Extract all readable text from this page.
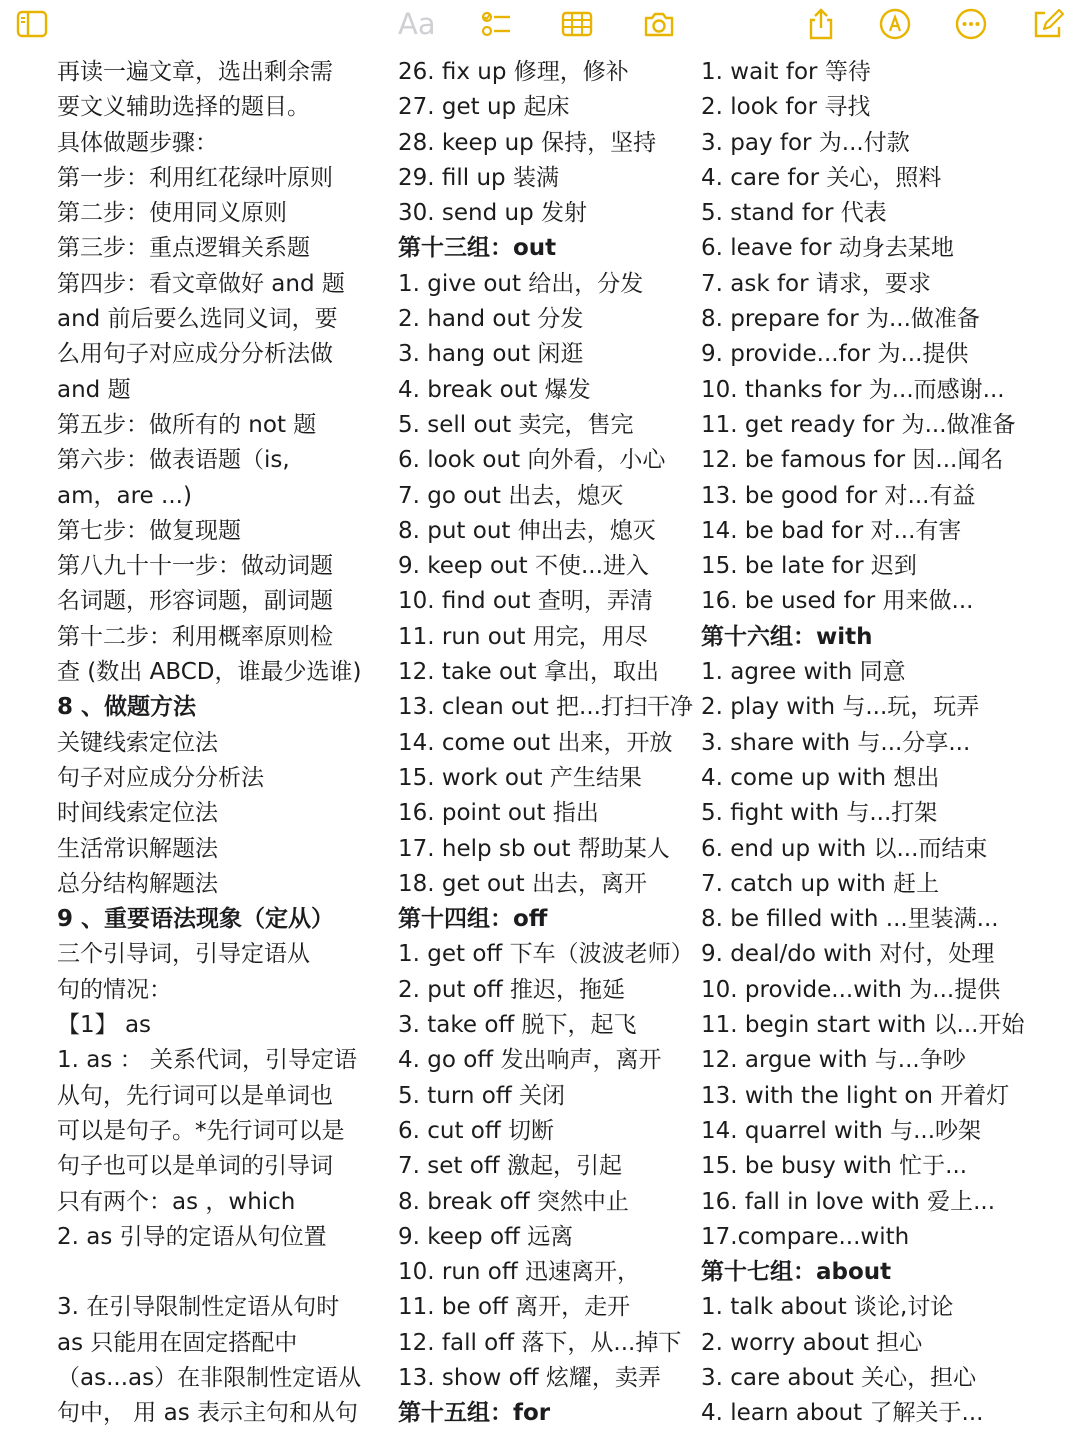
Aa
再读一遍文章，选出剩余需
要文义辅助选择的题目。
具体做题步骤：
第一步：利用红花绿叶原则
第二步：使用同义原则
第三步：重点逻辑关系题
第四步：看文章做好 and 题
and 前后要么选同义词，要
么用句子对应成分分析法做
and 题
第五步：做所有的 not 题
第六步：做表语题（is,
am，are ...)
第七步：做复现题
第八九十十一步：做动词题
名词题，形容词题，副词题
第十二步：利用概率原则检
查 (数出 ABCD，谁最少选谁)
8 、做题方法
关键线索定位法
句子对应成分分析法
时间线索定位法
生活常识解题法
总分结构解题法
9 、重要语法现象（定从）
三个引导词，引导定语从
句的情况：
【1】 as
1. as ： 关系代词，引导定语
从句，先行词可以是单词也
可以是句子。*先行词可以是
句子也可以是单词的引导词
只有两个：as ，which
2. as 引导的定语从句位置
3. 在引导限制性定语从句时
as 只能用在固定搭配中
（as...as）在非限制性定语从
句中， 用 as 表示主句和从句
26. fix up 修理，修补
27. get up 起床
28. keep up 保持，坚持
29. fill up 装满
30. send up 发射
第十三组：out
1. give out 给出，分发
2. hand out 分发
3. hang out 闲逛
4. break out 爆发
5. sell out 卖完，售完
6. look out 向外看，小心
7. go out 出去，熄灭
8. put out 伸出去，熄灭
9. keep out 不使...进入
10. find out 查明，弄清
11. run out 用完，用尽
12. take out 拿出，取出
13. clean out 把...打扫干净
14. come out 出来，开放
15. work out 产生结果
16. point out 指出
17. help sb out 帮助某人
18. get out 出去，离开
第十四组：off
1. get off 下车（波波老师）
2. put off 推迟，拖延
3. take off 脱下，起飞
4. go off 发出响声，离开
5. turn off 关闭
6. cut off 切断
7. set off 激起，引起
8. break off 突然中止
9. keep off 远离
10. run off 迅速离开，
11. be off 离开，走开
12. fall off 落下，从...掉下
13. show off 炫耀，卖弄
第十五组：for
1. wait for 等待
2. look for 寻找
3. pay for 为...付款
4. care for 关心，照料
5. stand for 代表
6. leave for 动身去某地
7. ask for 请求，要求
8. prepare for 为...做准备
9. provide...for 为...提供
10. thanks for 为...而感谢...
11. get ready for 为...做准备
12. be famous for 因...闻名
13. be good for 对...有益
14. be bad for 对...有害
15. be late for 迟到
16. be used for 用来做...
第十六组：with
1. agree with 同意
2. play with 与...玩，玩弄
3. share with 与...分享...
4. come up with 想出
5. fight with 与...打架
6. end up with 以...而结束
7. catch up with 赶上
8. be filled with ...里装满...
9. deal/do with 对付，处理
10. provide...with 为...提供
11. begin start with 以...开始
12. argue with 与...争吵
13. with the light on 开着灯
14. quarrel with 与...吵架
15. be busy with 忙于...
16. fall in love with 爱上...
17.compare...with
第十七组：about
1. talk about 谈论,讨论
2. worry about 担心
3. care about 关心，担心
4. learn about 了解关于...
